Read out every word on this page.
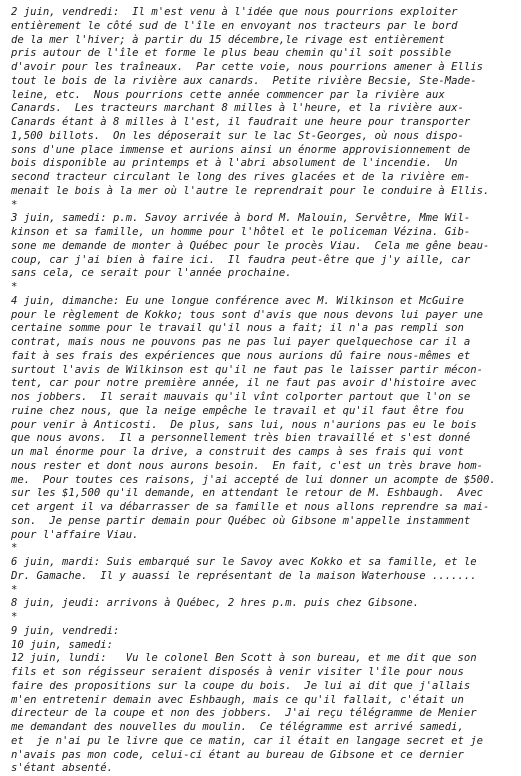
2 juin, vendredi:  Il m'est venu à l'idée que nous pourrions exploiter
entièrement le côté sud de l'île en envoyant nos tracteurs par le bord
de la mer l'hiver; à partir du 15 décembre,le rivage est entièrement
pris autour de l'île et forme le plus beau chemin qu'il soit possible
d'avoir pour les traîneaux.  Par cette voie, nous pourrions amener à Ellis
tout le bois de la rivière aux canards.  Petite rivière Becsie, Ste-Made-
leine, etc.  Nous pourrions cette année commencer par la rivière aux
Canards.  Les tracteurs marchant 8 milles à l'heure, et la rivière aux-
Canards étant à 8 milles à l'est, il faudrait une heure pour transporter
1,500 billots.  On les déposerait sur le lac St-Georges, où nous dispo-
sons d'une place immense et aurions ainsi un énorme approvisionnement de
bois disponible au printemps et à l'abri absolument de l'incendie.  Un
second tracteur circulant le long des rives glacées et de la rivière em-
menait le bois à la mer où l'autre le reprendrait pour le conduire à Ellis.
*
3 juin, samedi: p.m. Savoy arrivée à bord M. Malouin, Servêtre, Mme Wil-
kinson et sa famille, un homme pour l'hôtel et le policeman Vézina. Gib-
sone me demande de monter à Québec pour le procès Viau.  Cela me gêne beau-
coup, car j'ai bien à faire ici.  Il faudra peut-être que j'y aille, car
sans cela, ce serait pour l'année prochaine.
*
4 juin, dimanche: Eu une longue conférence avec M. Wilkinson et McGuire
pour le règlement de Kokko; tous sont d'avis que nous devons lui payer une
certaine somme pour le travail qu'il nous a fait; il n'a pas rempli son
contrat, mais nous ne pouvons pas ne pas lui payer quelquechose car il a
fait à ses frais des expériences que nous aurions dû faire nous-mêmes et
surtout l'avis de Wilkinson est qu'il ne faut pas le laisser partir mécon-
tent, car pour notre première année, il ne faut pas avoir d'histoire avec
nos jobbers.  Il serait mauvais qu'il vînt colporter partout que l'on se
ruine chez nous, que la neige empêche le travail et qu'il faut être fou
pour venir à Anticosti.  De plus, sans lui, nous n'aurions pas eu le bois
que nous avons.  Il a personnellement très bien travaillé et s'est donné
un mal énorme pour la drive, a construit des camps à ses frais qui vont
nous rester et dont nous aurons besoin.  En fait, c'est un très brave hom-
me.  Pour toutes ces raisons, j'ai accepté de lui donner un acompte de $500.
sur les $1,500 qu'il demande, en attendant le retour de M. Eshbaugh.  Avec
cet argent il va débarrasser de sa famille et nous allons reprendre sa mai-
son.  Je pense partir demain pour Québec où Gibsone m'appelle instamment
pour l'affaire Viau.
*
6 juin, mardi: Suis embarqué sur le Savoy avec Kokko et sa famille, et le
Dr. Gamache.  Il y auassi le représentant de la maison Waterhouse .......
*
8 juin, jeudi: arrivons à Québec, 2 hres p.m. puis chez Gibsone.
*
9 juin, vendredi:
10 juin, samedi:
12 juin, lundi:   Vu le colonel Ben Scott à son bureau, et me dit que son
fils et son régisseur seraient disposés à venir visiter l'île pour nous
faire des propositions sur la coupe du bois.  Je lui ai dit que j'allais
m'en entretenir demain avec Eshbaugh, mais ce qu'il fallait, c'était un
directeur de la coupe et non des jobbers.  J'ai reçu télégramme de Menier
me demandant des nouvelles du moulin.  Ce télégramme est arrivé samedi,
et  je n'ai pu le livre que ce matin, car il était en langage secret et je
n'avais pas mon code, celui-ci étant au bureau de Gibsone et ce dernier
s'étant absenté.
